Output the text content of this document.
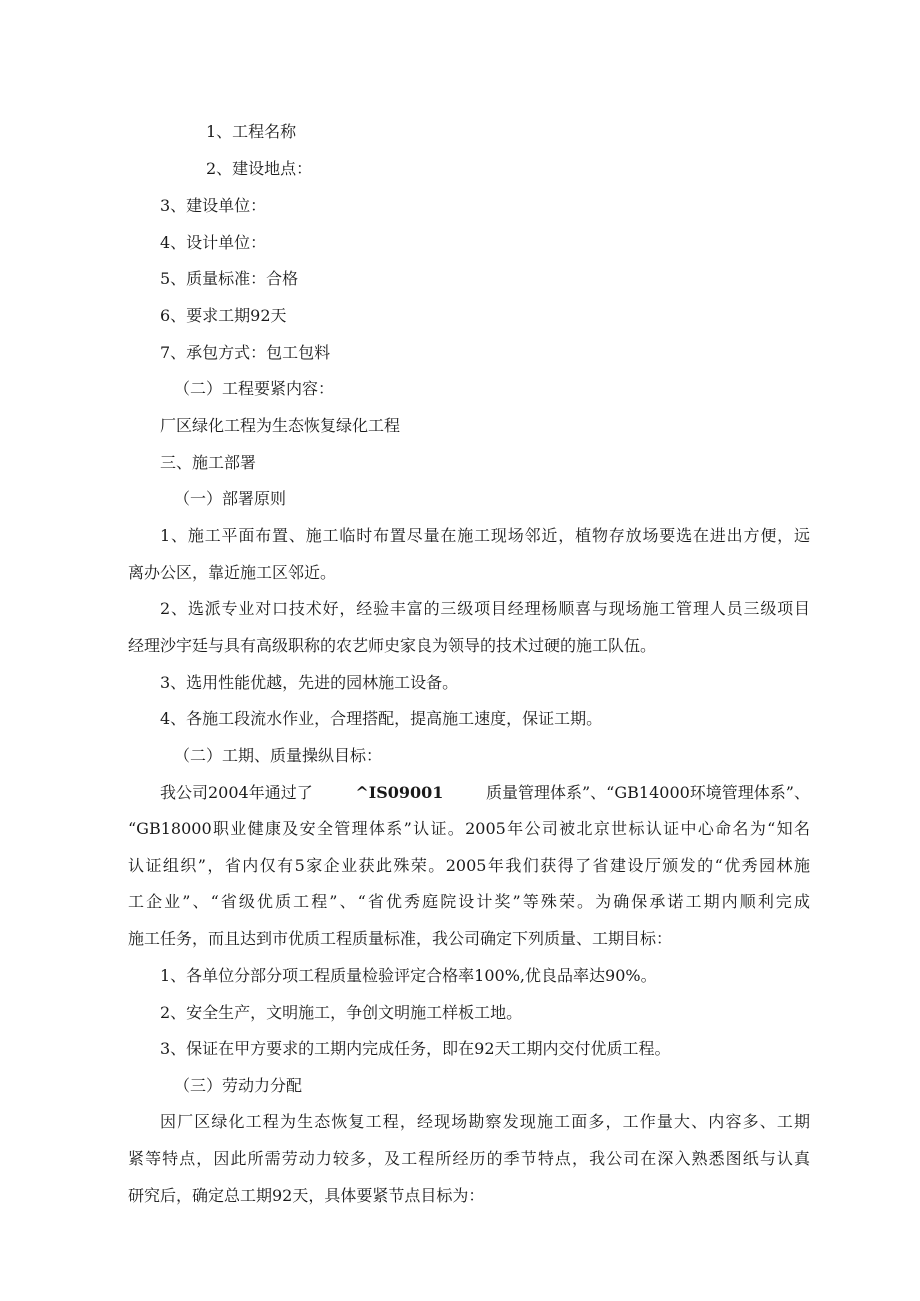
1、工程名称
2、建设地点：
3、建设单位：
4、设计单位：
5、质量标准：合格
6、要求工期92天
7、承包方式：包工包料
（二）工程要紧内容：
厂区绿化工程为生态恢复绿化工程
三、施工部署
（一）部署原则
1、施工平面布置、施工临时布置尽量在施工现场邻近，植物存放场要选在进出方便，远
离办公区，靠近施工区邻近。
2、选派专业对口技术好，经验丰富的三级项目经理杨顺喜与现场施工管理人员三级项目
经理沙宇廷与具有高级职称的农艺师史家良为领导的技术过硬的施工队伍。
3、选用性能优越，先进的园林施工设备。
4、各施工段流水作业，合理搭配，提高施工速度，保证工期。
（二）工期、质量操纵目标：
我公司2004年通过了	^IS09001	质量管理体系”、“GB14000环境管理体系”、
“GB18000职业健康及安全管理体系”认证。2005年公司被北京世标认证中心命名为“知名
认证组织”，省内仅有5家企业获此殊荣。2005年我们获得了省建设厅颁发的“优秀园林施
工企业”、“省级优质工程”、“省优秀庭院设计奖”等殊荣。为确保承诺工期内顺利完成
施工任务，而且达到市优质工程质量标准，我公司确定下列质量、工期目标：
1、各单位分部分项工程质量检验评定合格率100%,优良品率达90%。
2、安全生产，文明施工，争创文明施工样板工地。
3、保证在甲方要求的工期内完成任务，即在92天工期内交付优质工程。
（三）劳动力分配
因厂区绿化工程为生态恢复工程，经现场勘察发现施工面多，工作量大、内容多、工期
紧等特点，因此所需劳动力较多，及工程所经历的季节特点，我公司在深入熟悉图纸与认真
研究后，确定总工期92天，具体要紧节点目标为：
